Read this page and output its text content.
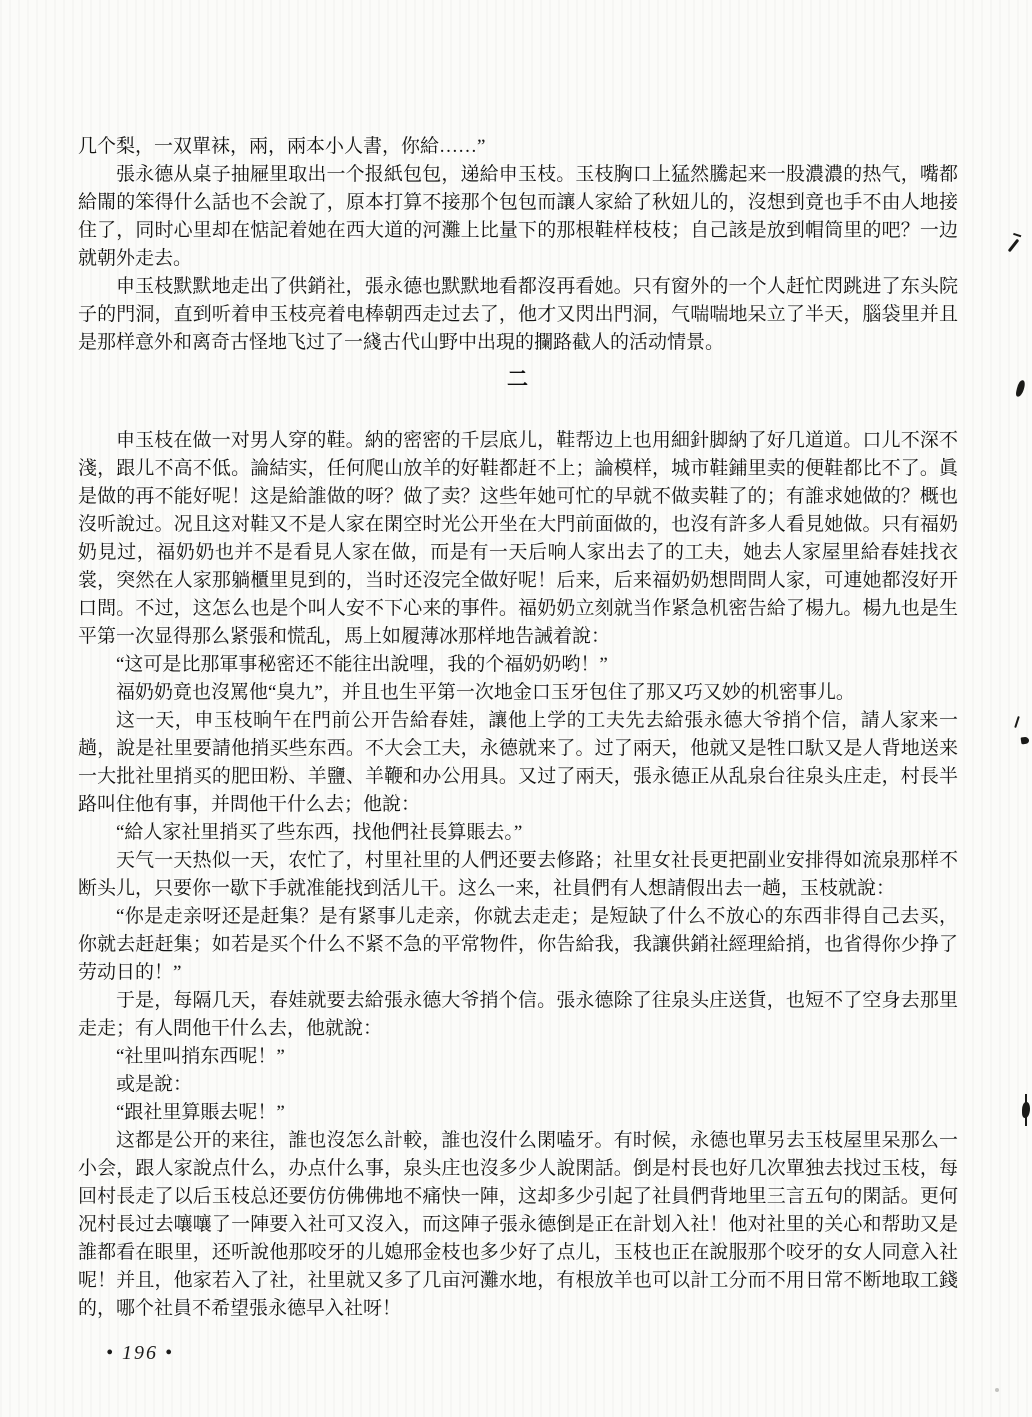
几个梨，一双單袜，兩，兩本小人書，你給……”

張永德从桌子抽屜里取出一个报紙包包，递給申玉枝。玉枝胸口上猛然騰起来一股濃濃的热气，嘴都給閙的笨得什么話也不会說了，原本打算不接那个包包而讓人家給了秋妞儿的，沒想到竟也手不由人地接住了，同时心里却在惦記着她在西大道的河灘上比量下的那根鞋样枝枝；自己該是放到帽筒里的吧？一边就朝外走去。

申玉枝默默地走出了供銷社，張永德也默默地看都沒再看她。只有窗外的一个人赶忙閃跳进了东头院子的門洞，直到听着申玉枝亮着电棒朝西走过去了，他才又閃出門洞，气喘喘地呆立了半天，腦袋里并且是那样意外和离奇古怪地飞过了一綫古代山野中出現的攔路截人的活动情景。

二

申玉枝在做一对男人穿的鞋。納的密密的千层底儿，鞋帮边上也用細針脚納了好几道道。口儿不深不淺，跟儿不高不低。論結实，任何爬山放羊的好鞋都赶不上；論模样，城市鞋鋪里卖的便鞋都比不了。眞是做的再不能好呢！这是給誰做的呀？做了卖？这些年她可忙的早就不做卖鞋了的；有誰求她做的？概也沒听說过。况且这对鞋又不是人家在閑空时光公开坐在大門前面做的，也沒有許多人看見她做。只有福奶奶見过，福奶奶也并不是看見人家在做，而是有一天后响人家出去了的工夫，她去人家屋里給春娃找衣裳，突然在人家那躺櫃里見到的，当时还沒完全做好呢！后来，后来福奶奶想問問人家，可連她都沒好开口問。不过，这怎么也是个叫人安不下心来的事件。福奶奶立刻就当作紧急机密告給了楊九。楊九也是生平第一次显得那么紧張和慌乱，馬上如履薄冰那样地告誡着說：

“这可是比那軍事秘密还不能往出說哩，我的个福奶奶哟！”

福奶奶竟也沒罵他“臭九”，并且也生平第一次地金口玉牙包住了那又巧又妙的机密事儿。

这一天，申玉枝晌午在門前公开告給春娃，讓他上学的工夫先去給張永德大爷捎个信，請人家来一趟，說是社里要請他捎买些东西。不大会工夫，永德就来了。过了兩天，他就又是牲口馱又是人背地送来一大批社里捎买的肥田粉、羊鹽、羊鞭和办公用具。又过了兩天，張永德正从乱泉台往泉头庄走，村長半路叫住他有事，并問他干什么去；他說：

“給人家社里捎买了些东西，找他們社長算賬去。”

天气一天热似一天，农忙了，村里社里的人們还要去修路；社里女社長更把副业安排得如流泉那样不断头儿，只要你一歇下手就准能找到活儿干。这么一来，社員們有人想請假出去一趟，玉枝就說：

“你是走亲呀还是赶集？是有紧事儿走亲，你就去走走；是短缺了什么不放心的东西非得自己去买，你就去赶赶集；如若是买个什么不紧不急的平常物件，你告給我，我讓供銷社經理給捎，也省得你少挣了劳动日的！”

于是，每隔几天，春娃就要去給張永德大爷捎个信。張永德除了往泉头庄送貨，也短不了空身去那里走走；有人問他干什么去，他就說：

“社里叫捎东西呢！”

或是說：

“跟社里算賬去呢！”

这都是公开的来往，誰也沒怎么計較，誰也沒什么閑嗑牙。有时候，永德也單另去玉枝屋里呆那么一小会，跟人家說点什么，办点什么事，泉头庄也沒多少人說閑話。倒是村長也好几次單独去找过玉枝，每回村長走了以后玉枝总还要仿仿佛佛地不痛快一陣，这却多少引起了社員們背地里三言五句的閑話。更何况村長过去嚷嚷了一陣要入社可又沒入，而这陣子張永德倒是正在計划入社！他对社里的关心和帮助又是誰都看在眼里，还听說他那咬牙的儿媳邢金枝也多少好了点儿，玉枝也正在說服那个咬牙的女人同意入社呢！并且，他家若入了社，社里就又多了几亩河灘水地，有根放羊也可以計工分而不用日常不断地取工錢的，哪个社員不希望張永德早入社呀！

• 196 •
